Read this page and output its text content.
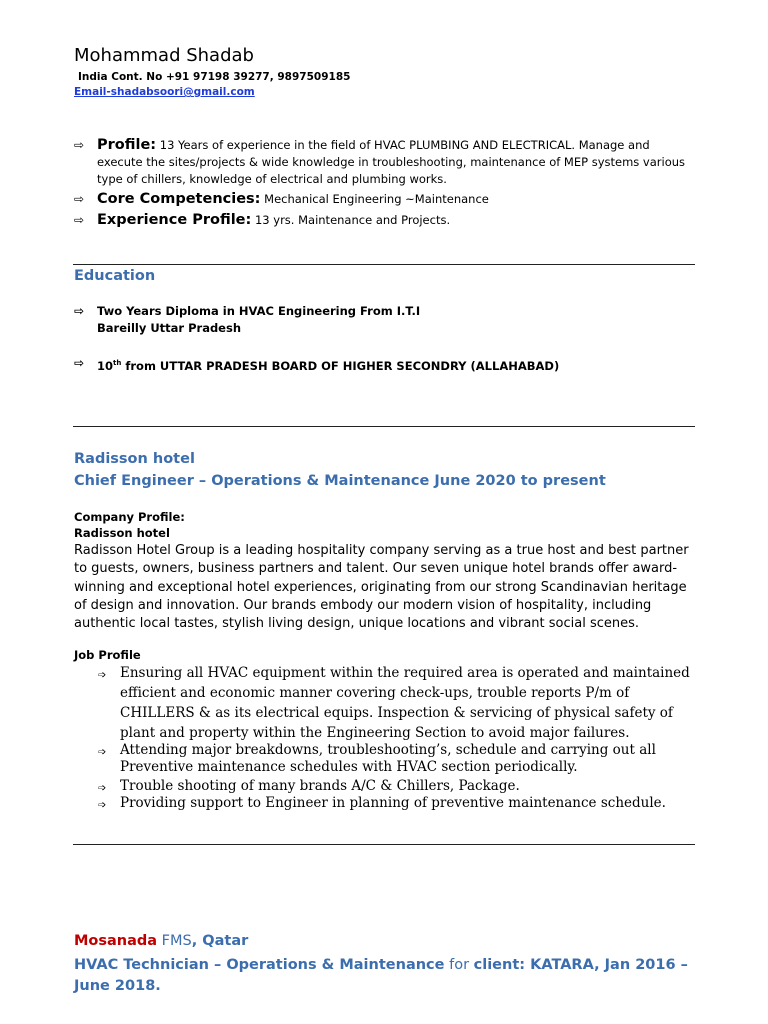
Mohammad Shadab
India Cont. No +91 97198 39277, 9897509185
Email-shadabsoori@gmail.com
⇨ Profile: 13 Years of experience in the field of HVAC PLUMBING AND ELECTRICAL. Manage and execute the sites/projects & wide knowledge in troubleshooting, maintenance of MEP systems various type of chillers, knowledge of electrical and plumbing works.
⇨ Core Competencies: Mechanical Engineering ~Maintenance
⇨ Experience Profile: 13 yrs. Maintenance and Projects.
Education
⇨	Two Years Diploma in HVAC Engineering From I.T.I
Bareilly Uttar Pradesh
⇨	10th from UTTAR PRADESH BOARD OF HIGHER SECONDRY (ALLAHABAD)
Radisson hotel
Chief Engineer – Operations & Maintenance June 2020 to present
Company Profile:
Radisson hotel
Radisson Hotel Group is a leading hospitality company serving as a true host and best partner to guests, owners, business partners and talent. Our seven unique hotel brands offer award-winning and exceptional hotel experiences, originating from our strong Scandinavian heritage of design and innovation. Our brands embody our modern vision of hospitality, including authentic local tastes, stylish living design, unique locations and vibrant social scenes.
Job Profile
➩ Ensuring all HVAC equipment within the required area is operated and maintained efficient and economic manner covering check-ups, trouble reports P/m of CHILLERS & as its electrical equips. Inspection & servicing of physical safety of plant and property within the Engineering Section to avoid major failures.
➩ Attending major breakdowns, troubleshooting’s, schedule and carrying out all Preventive maintenance schedules with HVAC section periodically.
➩ Trouble shooting of many brands A/C & Chillers, Package.
➩ Providing support to Engineer in planning of preventive maintenance schedule.
Mosanada FMS, Qatar
HVAC Technician – Operations & Maintenance for client: KATARA, Jan 2016 – June 2018.
